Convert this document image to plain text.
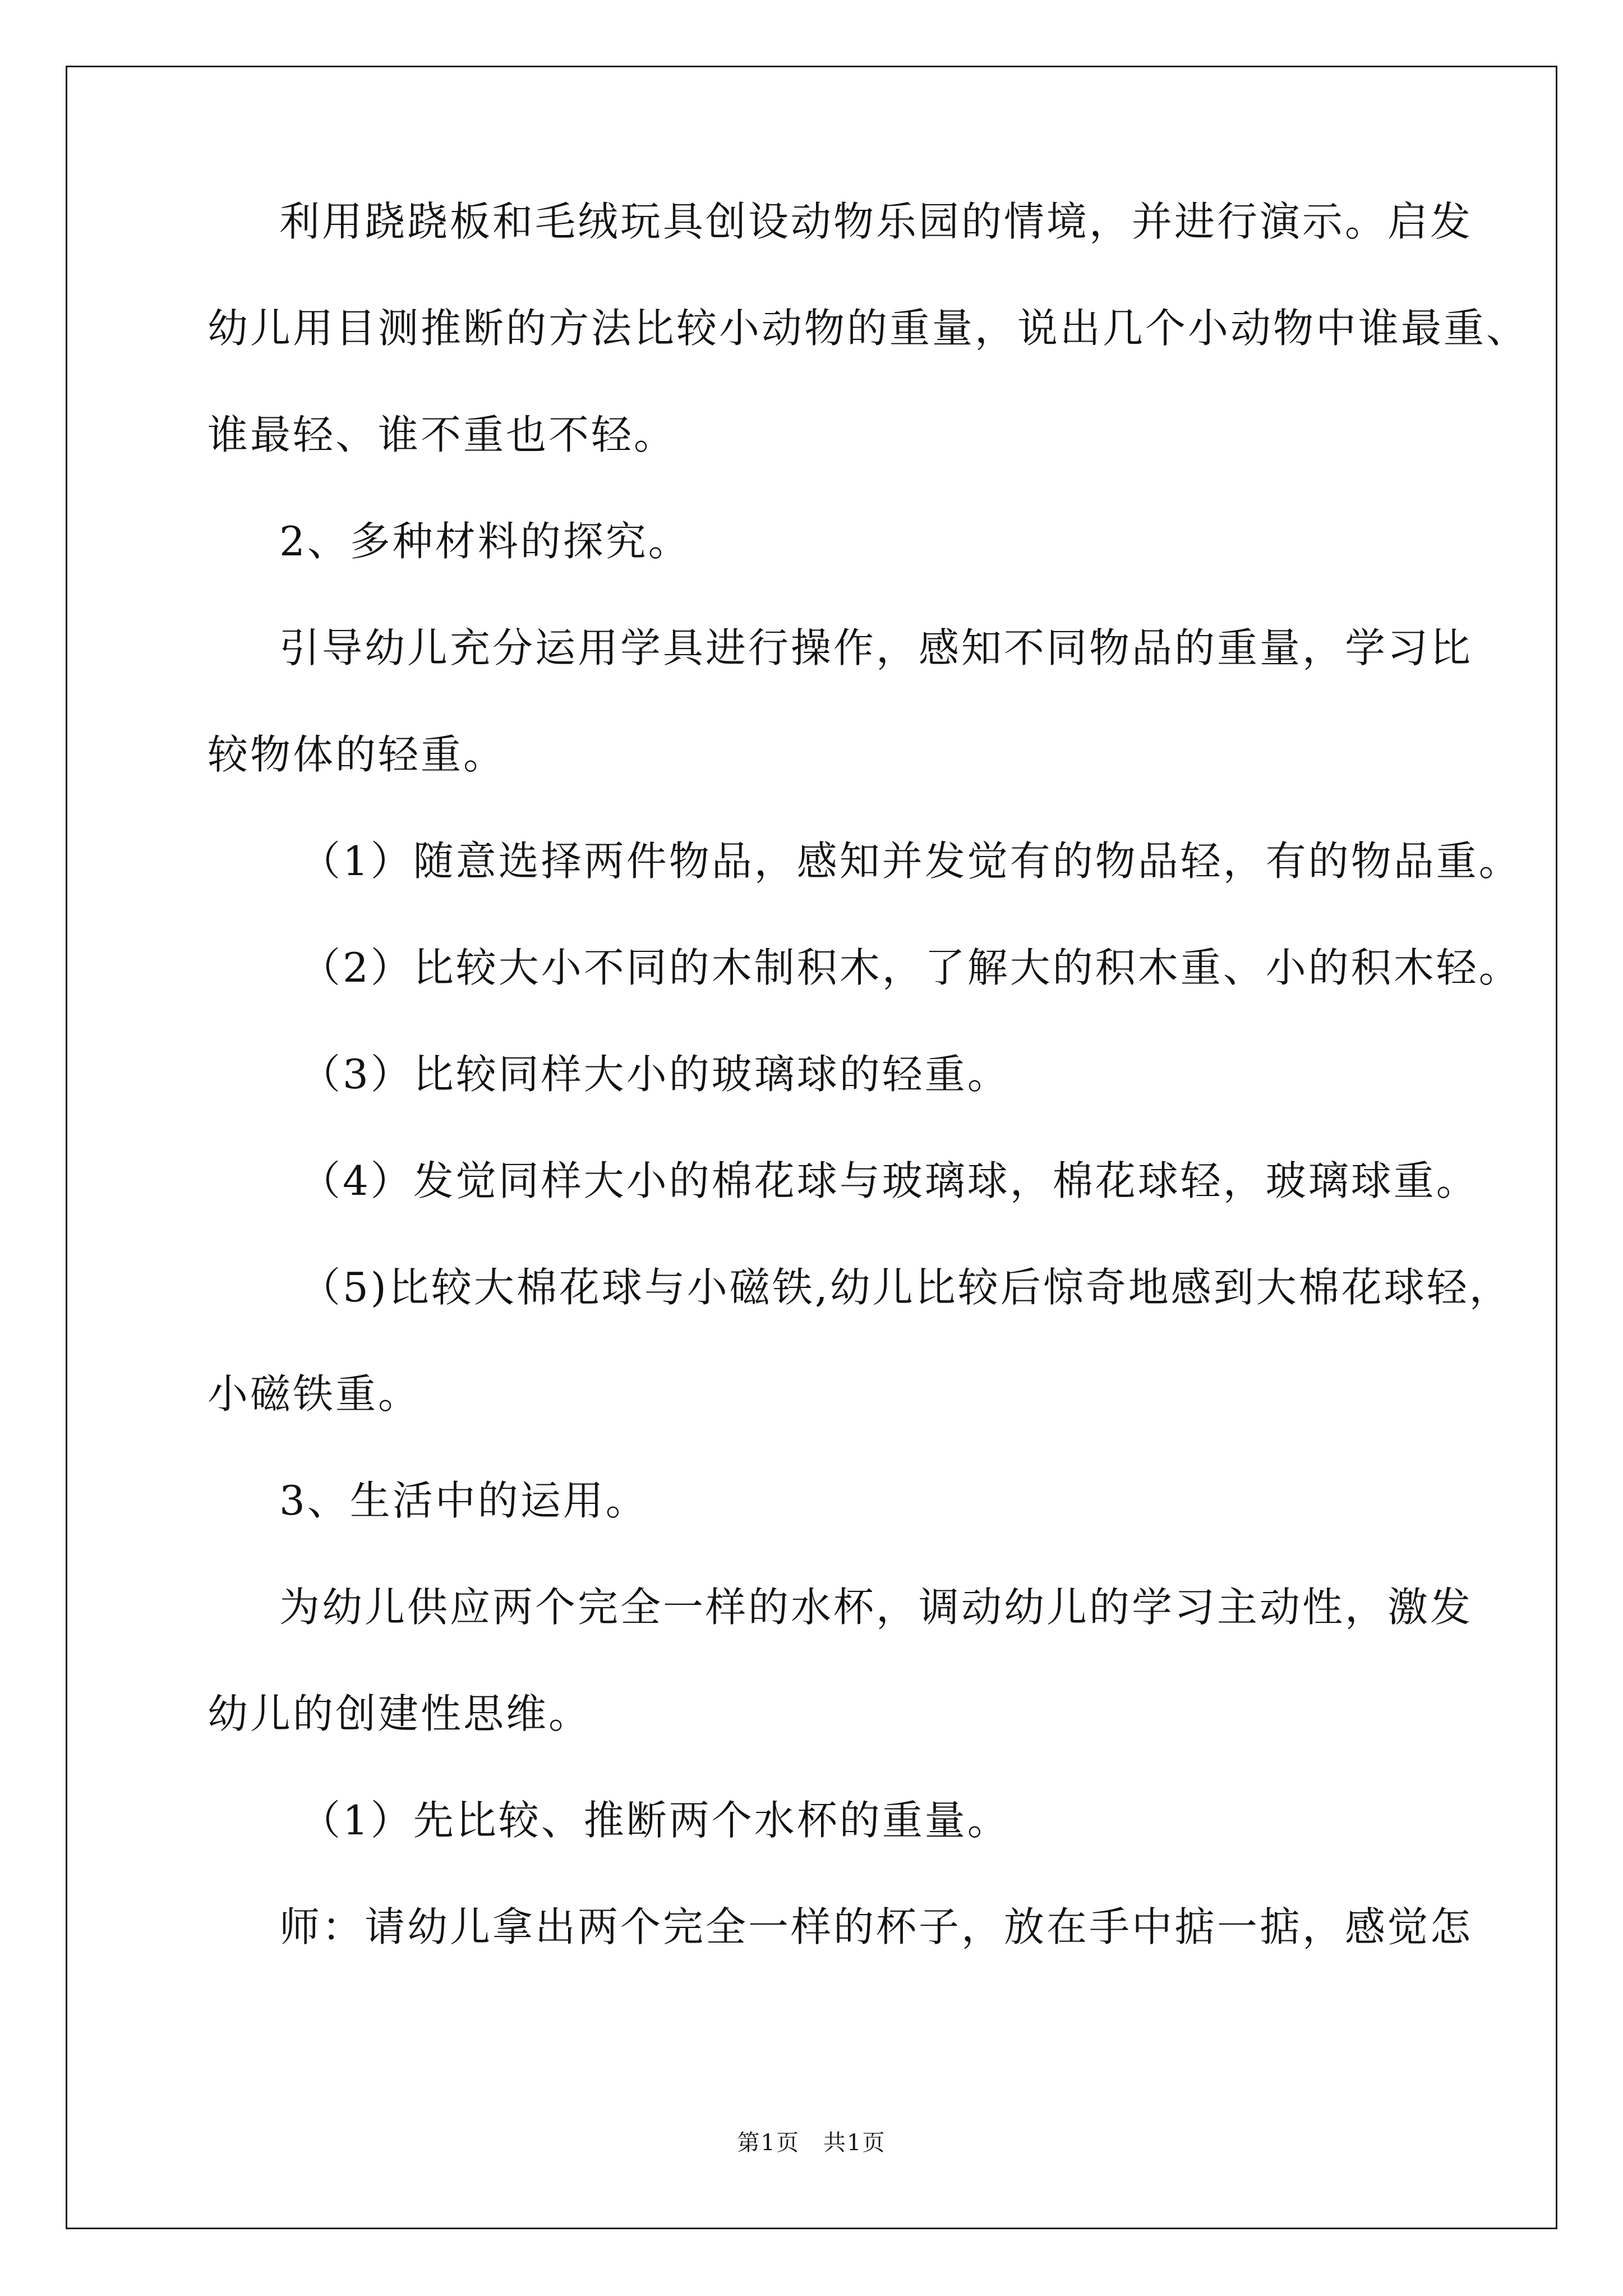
利用跷跷板和毛绒玩具创设动物乐园的情境，并进行演示。启发
幼儿用目测推断的方法比较小动物的重量，说出几个小动物中谁最重、
谁最轻、谁不重也不轻。
2、多种材料的探究。
引导幼儿充分运用学具进行操作，感知不同物品的重量，学习比
较物体的轻重。
（1）随意选择两件物品，感知并发觉有的物品轻，有的物品重。
（2）比较大小不同的木制积木，了解大的积木重、小的积木轻。
（3）比较同样大小的玻璃球的轻重。
（4）发觉同样大小的棉花球与玻璃球，棉花球轻，玻璃球重。
（5)比较大棉花球与小磁铁,幼儿比较后惊奇地感到大棉花球轻，
小磁铁重。
3、生活中的运用。
为幼儿供应两个完全一样的水杯，调动幼儿的学习主动性，激发
幼儿的创建性思维。
（1）先比较、推断两个水杯的重量。
师：请幼儿拿出两个完全一样的杯子，放在手中掂一掂，感觉怎
第1页　共1页
